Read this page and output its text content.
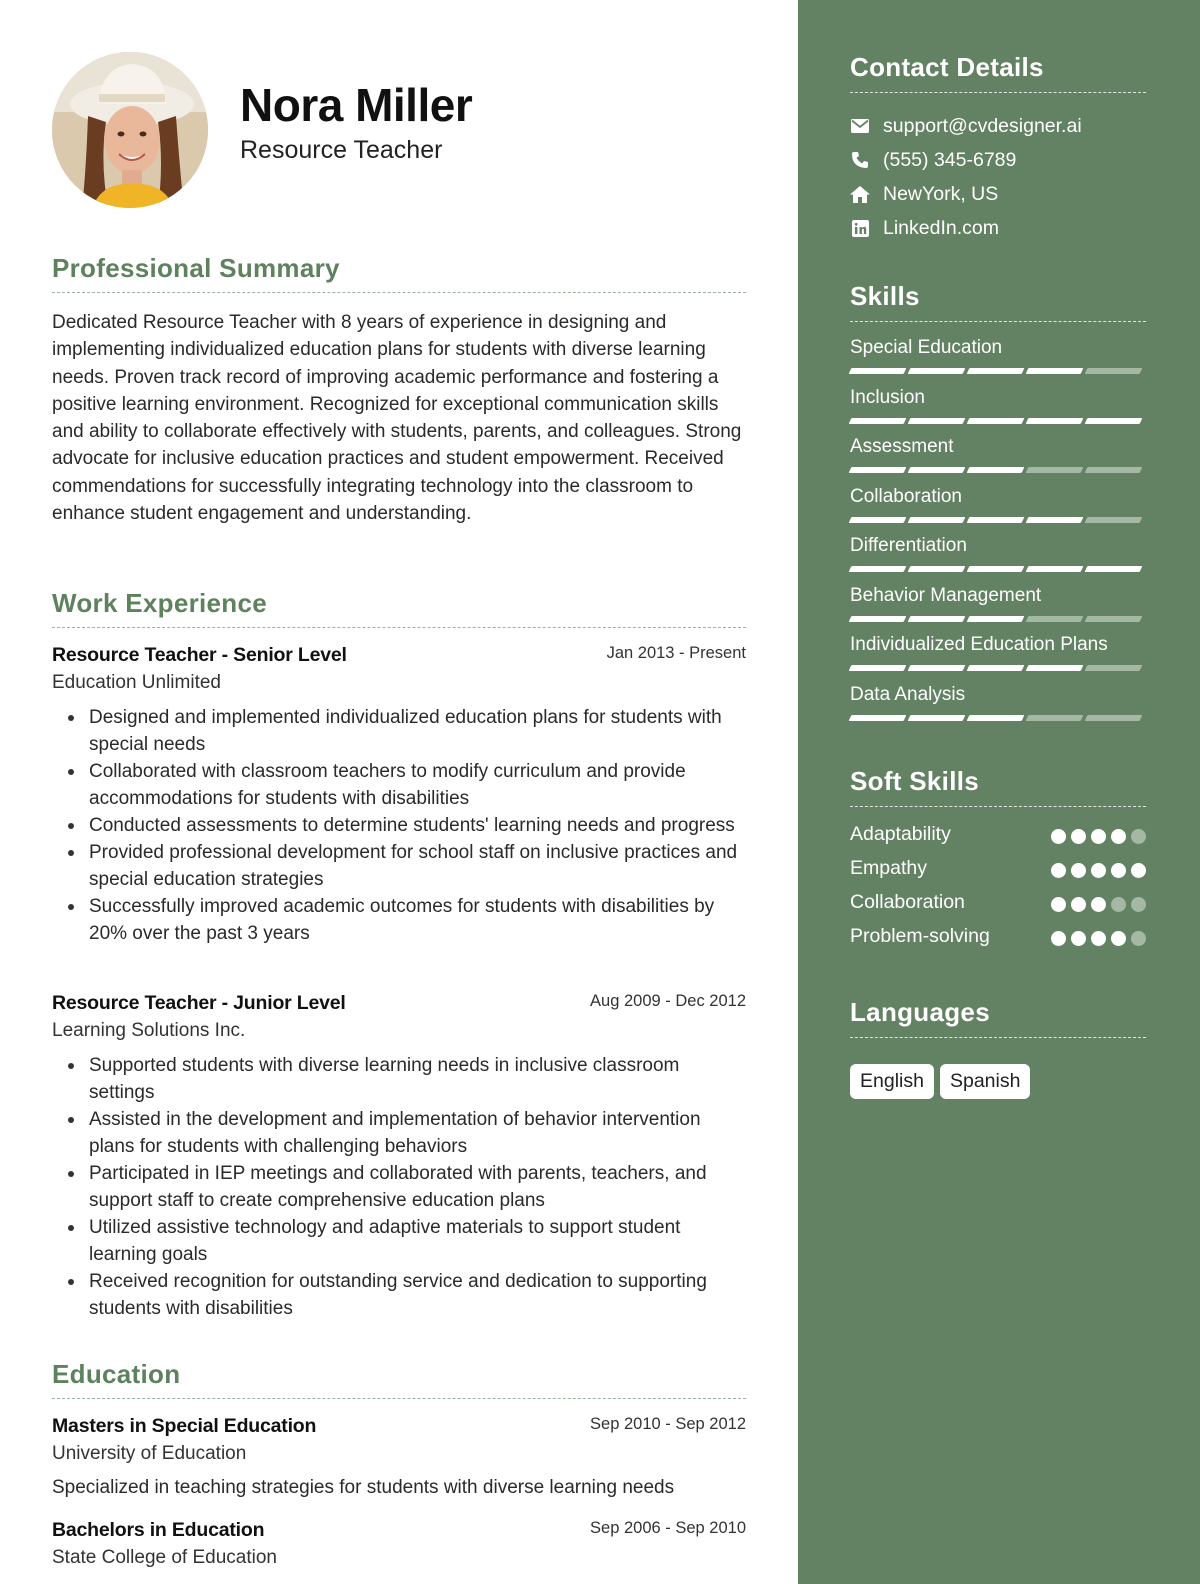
Nora Miller
Resource Teacher
Professional Summary
Dedicated Resource Teacher with 8 years of experience in designing and implementing individualized education plans for students with diverse learning needs. Proven track record of improving academic performance and fostering a positive learning environment. Recognized for exceptional communication skills and ability to collaborate effectively with students, parents, and colleagues. Strong advocate for inclusive education practices and student empowerment. Received commendations for successfully integrating technology into the classroom to enhance student engagement and understanding.
Work Experience
Resource Teacher - Senior Level	Jan 2013 - Present
Education Unlimited
Designed and implemented individualized education plans for students with special needs
Collaborated with classroom teachers to modify curriculum and provide accommodations for students with disabilities
Conducted assessments to determine students' learning needs and progress
Provided professional development for school staff on inclusive practices and special education strategies
Successfully improved academic outcomes for students with disabilities by 20% over the past 3 years
Resource Teacher - Junior Level	Aug 2009 - Dec 2012
Learning Solutions Inc.
Supported students with diverse learning needs in inclusive classroom settings
Assisted in the development and implementation of behavior intervention plans for students with challenging behaviors
Participated in IEP meetings and collaborated with parents, teachers, and support staff to create comprehensive education plans
Utilized assistive technology and adaptive materials to support student learning goals
Received recognition for outstanding service and dedication to supporting students with disabilities
Education
Masters in Special Education	Sep 2010 - Sep 2012
University of Education
Specialized in teaching strategies for students with diverse learning needs
Bachelors in Education	Sep 2006 - Sep 2010
State College of Education
Contact Details
support@cvdesigner.ai
(555) 345-6789
NewYork, US
LinkedIn.com
Skills
Special Education
Inclusion
Assessment
Collaboration
Differentiation
Behavior Management
Individualized Education Plans
Data Analysis
Soft Skills
Adaptability
Empathy
Collaboration
Problem-solving
Languages
English	Spanish
